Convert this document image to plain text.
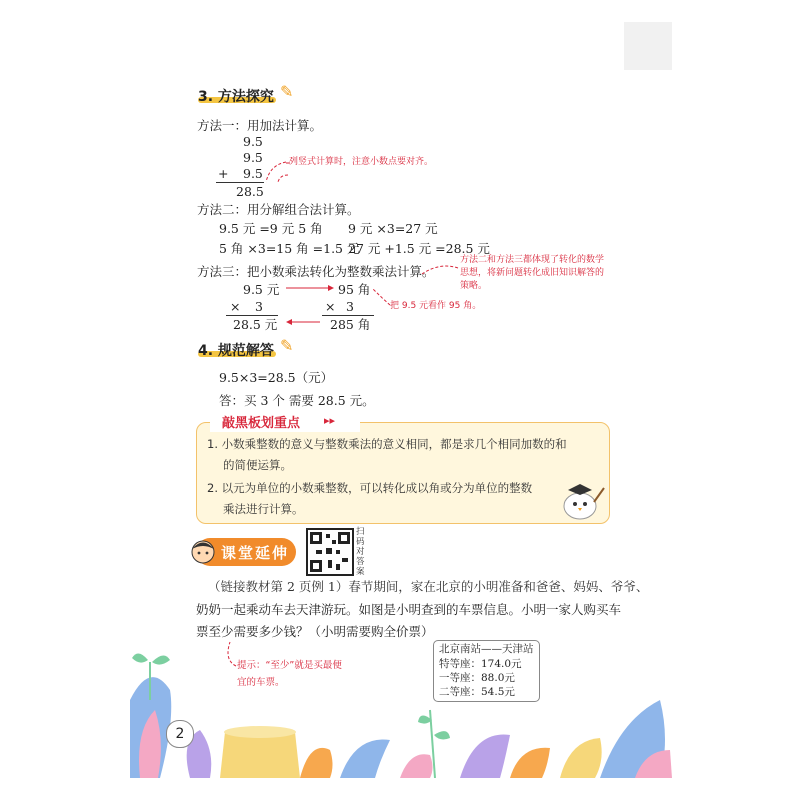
3. 方法探究 ✎
方法一：用加法计算。
9.5
9.5
+ 9.5
28.5
列竖式计算时，注意小数点要对齐。
方法二：用分解组合法计算。
9.5 元 =9 元 5 角 9 元 ×3=27 元
5 角 ×3=15 角 =1.5 元
27 元 +1.5 元 =28.5 元
方法三：把小数乘法转化为整数乘法计算。
方法二和方法三都体现了转化的数学思想，将新问题转化成旧知识解答的策略。
9.5 元
× 3
28.5 元
95 角
× 3
285 角
把 9.5 元看作 95 角。
4. 规范解答 ✎
9.5×3=28.5（元）
答：买 3 个 需要 28.5 元。
敲黑板划重点 ▸▸
1. 小数乘整数的意义与整数乘法的意义相同，都是求几个相同加数的和
的简便运算。
2. 以元为单位的小数乘整数，可以转化成以角或分为单位的整数
乘法进行计算。
课堂延伸
扫码对答案
（链接教材第 2 页例 1）春节期间，家在北京的小明准备和爸爸、妈妈、爷爷、
奶奶一起乘动车去天津游玩。如图是小明查到的车票信息。小明一家人购买车
票至少需要多少钱？（小明需要购全价票）
提示：“至少”就是买最便
宜的车票。
北京南站——天津站
特等座：174.0元
一等座：88.0元
二等座：54.5元
2
